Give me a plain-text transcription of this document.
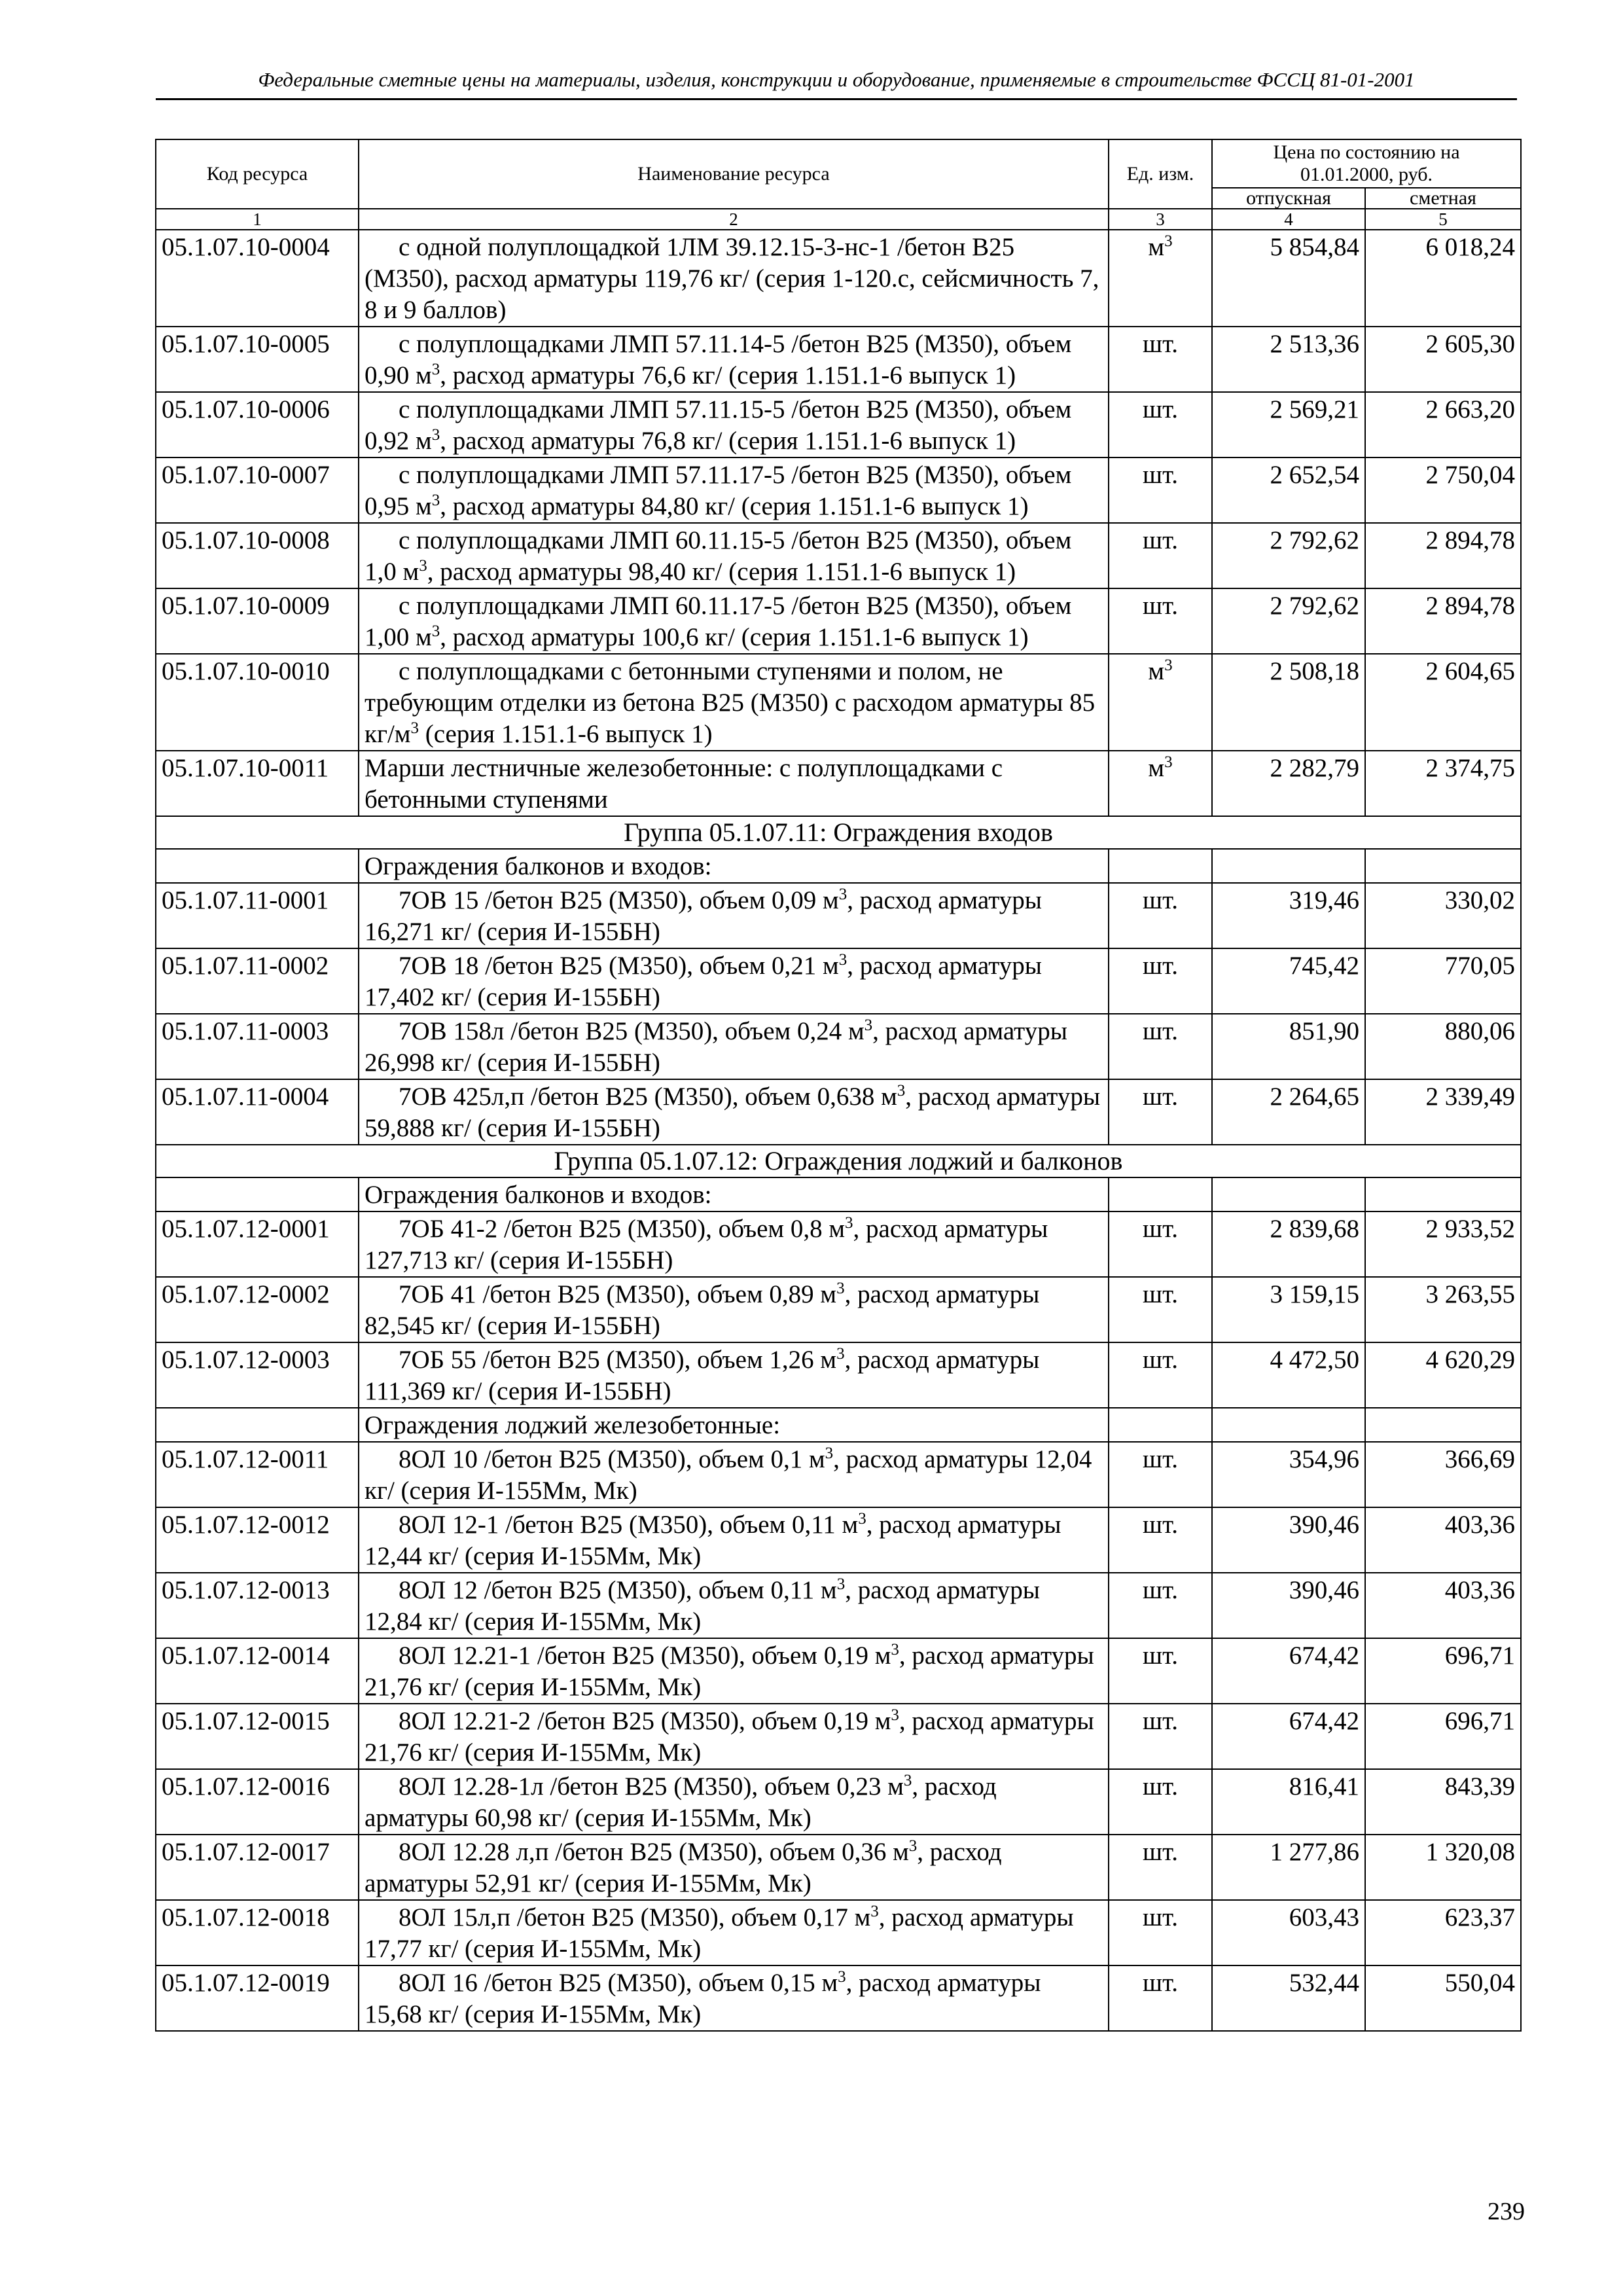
Федеральные сметные цены на материалы, изделия, конструкции и оборудование, применяемые в строительстве ФССЦ 81-01-2001
Код ресурса	Наименование ресурса	Ед. изм.	Цена по состоянию на 01.01.2000, руб.	
			отпускная	сметная
1	2	3	4	5
05.1.07.10-0004	с одной полуплощадкой 1ЛМ 39.12.15-3-нс-1 /бетон В25 (М350), расход арматуры 119,76 кг/ (серия 1-120.с, сейсмичность 7, 8 и 9 баллов)	$м^3$	5 854,84	6 018,24
05.1.07.10-0005	с полуплощадками ЛМП 57.11.14-5 /бетон В25 (М350), объем 0,90 $м^3$, расход арматуры 76,6 кг/ (серия 1.151.1-6 выпуск 1)	шт.	2 513,36	2 605,30
05.1.07.10-0006	с полуплощадками ЛМП 57.11.15-5 /бетон В25 (М350), объем 0,92 $м^3$, расход арматуры 76,8 кг/ (серия 1.151.1-6 выпуск 1)	шт.	2 569,21	2 663,20
05.1.07.10-0007	с полуплощадками ЛМП 57.11.17-5 /бетон В25 (М350), объем 0,95 $м^3$, расход арматуры 84,80 кг/ (серия 1.151.1-6 выпуск 1)	шт.	2 652,54	2 750,04
05.1.07.10-0008	с полуплощадками ЛМП 60.11.15-5 /бетон В25 (М350), объем 1,0 $м^3$, расход арматуры 98,40 кг/ (серия 1.151.1-6 выпуск 1)	шт.	2 792,62	2 894,78
05.1.07.10-0009	с полуплощадками ЛМП 60.11.17-5 /бетон В25 (М350), объем 1,00 $м^3$, расход арматуры 100,6 кг/ (серия 1.151.1-6 выпуск 1)	шт.	2 792,62	2 894,78
05.1.07.10-0010	с полуплощадками с бетонными ступенями и полом, не требующим отделки из бетона В25 (М350) с расходом арматуры 85 $кг/м^3$ (серия 1.151.1-6 выпуск 1)	$м^3$	2 508,18	2 604,65
05.1.07.10-0011	Марши лестничные железобетонные: с полуплощадками с бетонными ступенями	$м^3$	2 282,79	2 374,75
Группа 05.1.07.11: Ограждения входов				
	Ограждения балконов и входов:			
05.1.07.11-0001	7ОВ 15 /бетон В25 (М350), объем 0,09 $м^3$, расход арматуры 16,271 кг/ (серия И-155БН)	шт.	319,46	330,02
05.1.07.11-0002	7ОВ 18 /бетон В25 (М350), объем 0,21 $м^3$, расход арматуры 17,402 кг/ (серия И-155БН)	шт.	745,42	770,05
05.1.07.11-0003	7ОВ 158л /бетон В25 (М350), объем 0,24 $м^3$, расход арматуры 26,998 кг/ (серия И-155БН)	шт.	851,90	880,06
05.1.07.11-0004	7ОВ 425л,п /бетон В25 (М350), объем 0,638 $м^3$, расход арматуры 59,888 кг/ (серия И-155БН)	шт.	2 264,65	2 339,49
Группа 05.1.07.12: Ограждения лоджий и балконов				
	Ограждения балконов и входов:			
05.1.07.12-0001	7ОБ 41-2 /бетон В25 (М350), объем 0,8 $м^3$, расход арматуры 127,713 кг/ (серия И-155БН)	шт.	2 839,68	2 933,52
05.1.07.12-0002	7ОБ 41 /бетон В25 (М350), объем 0,89 $м^3$, расход арматуры 82,545 кг/ (серия И-155БН)	шт.	3 159,15	3 263,55
05.1.07.12-0003	7ОБ 55 /бетон В25 (М350), объем 1,26 $м^3$, расход арматуры 111,369 кг/ (серия И-155БН)	шт.	4 472,50	4 620,29
	Ограждения лоджий железобетонные:			
05.1.07.12-0011	8ОЛ 10 /бетон В25 (М350), объем 0,1 $м^3$, расход арматуры 12,04 кг/ (серия И-155Мм, Мк)	шт.	354,96	366,69
05.1.07.12-0012	8ОЛ 12-1 /бетон В25 (М350), объем 0,11 $м^3$, расход арматуры 12,44 кг/ (серия И-155Мм, Мк)	шт.	390,46	403,36
05.1.07.12-0013	8ОЛ 12 /бетон В25 (М350), объем 0,11 $м^3$, расход арматуры 12,84 кг/ (серия И-155Мм, Мк)	шт.	390,46	403,36
05.1.07.12-0014	8ОЛ 12.21-1 /бетон В25 (М350), объем 0,19 $м^3$, расход арматуры 21,76 кг/ (серия И-155Мм, Мк)	шт.	674,42	696,71
05.1.07.12-0015	8ОЛ 12.21-2 /бетон В25 (М350), объем 0,19 $м^3$, расход арматуры 21,76 кг/ (серия И-155Мм, Мк)	шт.	674,42	696,71
05.1.07.12-0016	8ОЛ 12.28-1л /бетон В25 (М350), объем 0,23 $м^3$, расход арматуры 60,98 кг/ (серия И-155Мм, Мк)	шт.	816,41	843,39
05.1.07.12-0017	8ОЛ 12.28 л,п /бетон В25 (М350), объем 0,36 $м^3$, расход арматуры 52,91 кг/ (серия И-155Мм, Мк)	шт.	1 277,86	1 320,08
05.1.07.12-0018	8ОЛ 15л,п /бетон В25 (М350), объем 0,17 $м^3$, расход арматуры 17,77 кг/ (серия И-155Мм, Мк)	шт.	603,43	623,37
05.1.07.12-0019	8ОЛ 16 /бетон В25 (М350), объем 0,15 $м^3$, расход арматуры 15,68 кг/ (серия И-155Мм, Мк)	шт.	532,44	550,04
239
